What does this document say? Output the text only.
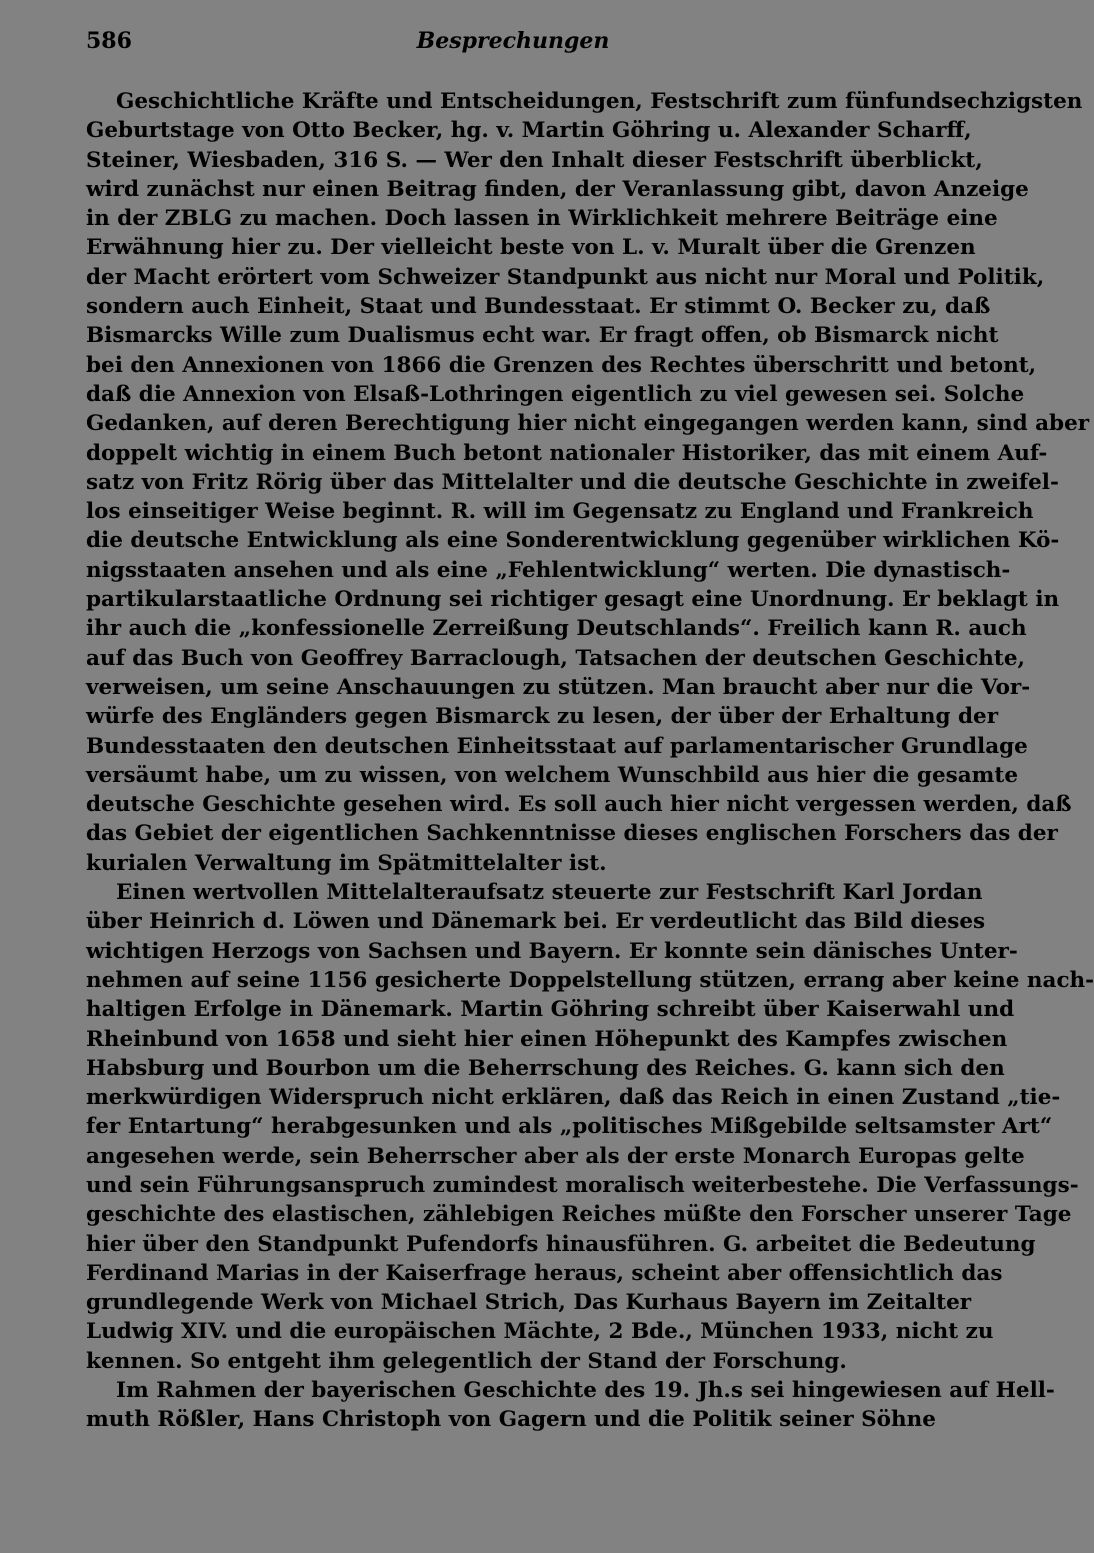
586	Besprechungen
Geschichtliche Kräfte und Entscheidungen, Festschrift zum fünfundsechzigsten
Geburtstage von Otto Becker, hg. v. Martin Göhring u. Alexander Scharff,
Steiner, Wiesbaden, 316 S. — Wer den Inhalt dieser Festschrift überblickt,
wird zunächst nur einen Beitrag finden, der Veranlassung gibt, davon Anzeige
in der ZBLG zu machen. Doch lassen in Wirklichkeit mehrere Beiträge eine
Erwähnung hier zu. Der vielleicht beste von L. v. Muralt über die Grenzen
der Macht erörtert vom Schweizer Standpunkt aus nicht nur Moral und Politik,
sondern auch Einheit, Staat und Bundesstaat. Er stimmt O. Becker zu, daß
Bismarcks Wille zum Dualismus echt war. Er fragt offen, ob Bismarck nicht
bei den Annexionen von 1866 die Grenzen des Rechtes überschritt und betont,
daß die Annexion von Elsaß-Lothringen eigentlich zu viel gewesen sei. Solche
Gedanken, auf deren Berechtigung hier nicht eingegangen werden kann, sind aber
doppelt wichtig in einem Buch betont nationaler Historiker, das mit einem Auf-
satz von Fritz Rörig über das Mittelalter und die deutsche Geschichte in zweifel-
los einseitiger Weise beginnt. R. will im Gegensatz zu England und Frankreich
die deutsche Entwicklung als eine Sonderentwicklung gegenüber wirklichen Kö-
nigsstaaten ansehen und als eine „Fehlentwicklung“ werten. Die dynastisch-
partikularstaatliche Ordnung sei richtiger gesagt eine Unordnung. Er beklagt in
ihr auch die „konfessionelle Zerreißung Deutschlands“. Freilich kann R. auch
auf das Buch von Geoffrey Barraclough, Tatsachen der deutschen Geschichte,
verweisen, um seine Anschauungen zu stützen. Man braucht aber nur die Vor-
würfe des Engländers gegen Bismarck zu lesen, der über der Erhaltung der
Bundesstaaten den deutschen Einheitsstaat auf parlamentarischer Grundlage
versäumt habe, um zu wissen, von welchem Wunschbild aus hier die gesamte
deutsche Geschichte gesehen wird. Es soll auch hier nicht vergessen werden, daß
das Gebiet der eigentlichen Sachkenntnisse dieses englischen Forschers das der
kurialen Verwaltung im Spätmittelalter ist.
Einen wertvollen Mittelalteraufsatz steuerte zur Festschrift Karl Jordan
über Heinrich d. Löwen und Dänemark bei. Er verdeutlicht das Bild dieses
wichtigen Herzogs von Sachsen und Bayern. Er konnte sein dänisches Unter-
nehmen auf seine 1156 gesicherte Doppelstellung stützen, errang aber keine nach-
haltigen Erfolge in Dänemark. Martin Göhring schreibt über Kaiserwahl und
Rheinbund von 1658 und sieht hier einen Höhepunkt des Kampfes zwischen
Habsburg und Bourbon um die Beherrschung des Reiches. G. kann sich den
merkwürdigen Widerspruch nicht erklären, daß das Reich in einen Zustand „tie-
fer Entartung“ herabgesunken und als „politisches Mißgebilde seltsamster Art“
angesehen werde, sein Beherrscher aber als der erste Monarch Europas gelte
und sein Führungsanspruch zumindest moralisch weiterbestehe. Die Verfassungs-
geschichte des elastischen, zählebigen Reiches müßte den Forscher unserer Tage
hier über den Standpunkt Pufendorfs hinausführen. G. arbeitet die Bedeutung
Ferdinand Marias in der Kaiserfrage heraus, scheint aber offensichtlich das
grundlegende Werk von Michael Strich, Das Kurhaus Bayern im Zeitalter
Ludwig XIV. und die europäischen Mächte, 2 Bde., München 1933, nicht zu
kennen. So entgeht ihm gelegentlich der Stand der Forschung.
Im Rahmen der bayerischen Geschichte des 19. Jh.s sei hingewiesen auf Hell-
muth Rößler, Hans Christoph von Gagern und die Politik seiner Söhne
